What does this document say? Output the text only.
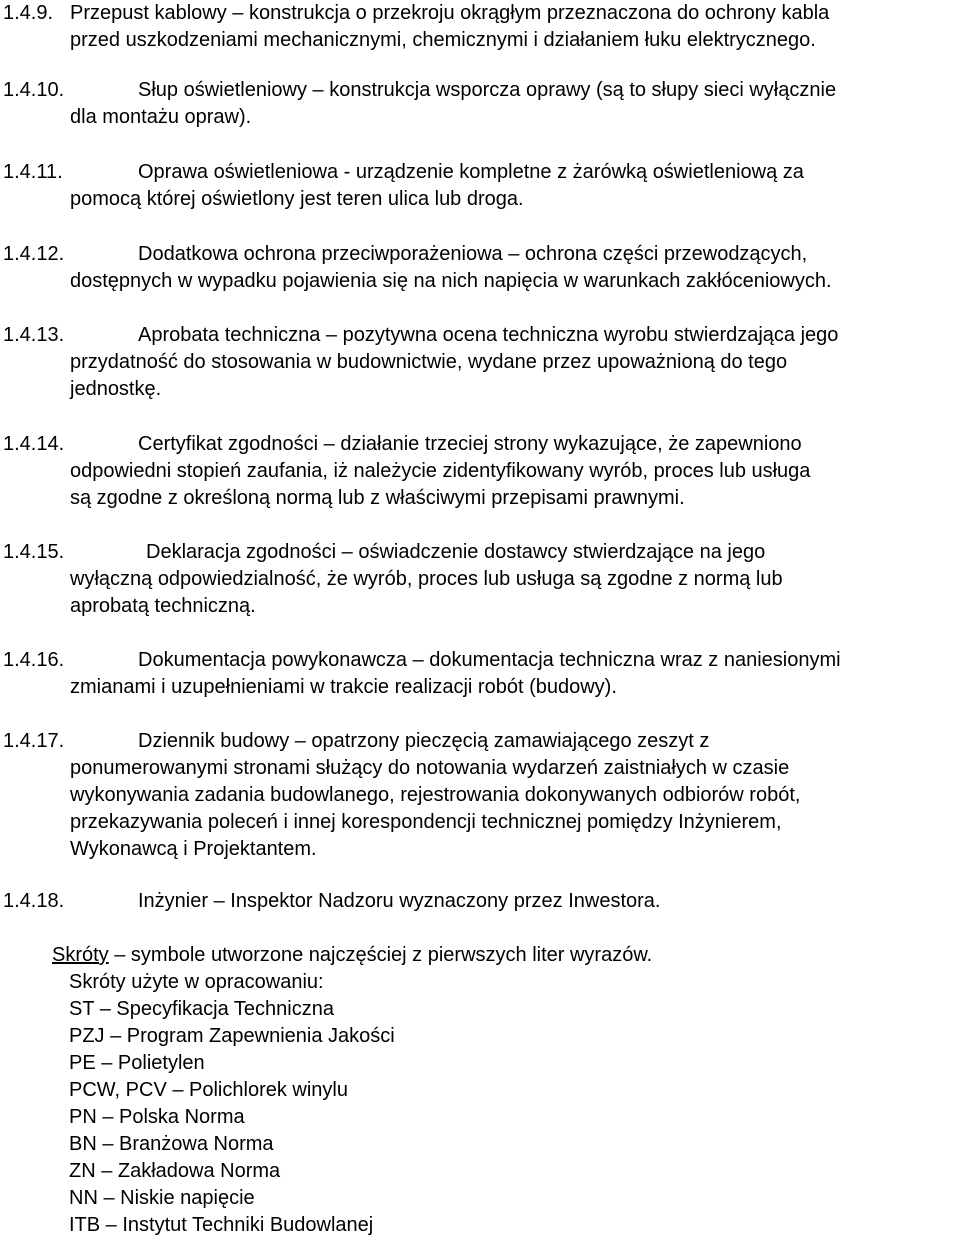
1.4.9. Przepust kablowy – konstrukcja o przekroju okrągłym przeznaczona do ochrony kabla
przed uszkodzeniami mechanicznymi, chemicznymi i działaniem łuku elektrycznego.
1.4.10.	Słup oświetleniowy – konstrukcja wsporcza oprawy (są to słupy sieci wyłącznie
dla montażu opraw).
1.4.11.	Oprawa oświetleniowa - urządzenie kompletne z żarówką oświetleniową za
pomocą której oświetlony jest teren ulica lub droga.
1.4.12.	Dodatkowa ochrona przeciwporażeniowa – ochrona części przewodzących,
dostępnych w wypadku pojawienia się na nich napięcia w warunkach zakłóceniowych.
1.4.13.	Aprobata techniczna – pozytywna ocena techniczna wyrobu stwierdzająca jego
przydatność do stosowania w budownictwie, wydane przez upoważnioną do tego
jednostkę.
1.4.14.	Certyfikat zgodności – działanie trzeciej strony wykazujące, że zapewniono
odpowiedni stopień zaufania, iż należycie zidentyfikowany wyrób, proces lub usługa
są zgodne z określoną normą lub z właściwymi przepisami prawnymi.
1.4.15.	Deklaracja zgodności – oświadczenie dostawcy stwierdzające na jego
wyłączną odpowiedzialność, że wyrób, proces lub usługa są zgodne z normą lub
aprobatą techniczną.
1.4.16.	Dokumentacja powykonawcza – dokumentacja techniczna wraz z naniesionymi
zmianami i uzupełnieniami w trakcie realizacji robót (budowy).
1.4.17.	Dziennik budowy – opatrzony pieczęcią zamawiającego zeszyt z
ponumerowanymi stronami służący do notowania wydarzeń zaistniałych w czasie
wykonywania zadania budowlanego, rejestrowania dokonywanych odbiorów robót,
przekazywania poleceń i innej korespondencji technicznej pomiędzy Inżynierem,
Wykonawcą i Projektantem.
1.4.18.	Inżynier – Inspektor Nadzoru wyznaczony przez Inwestora.
Skróty – symbole utworzone najczęściej z pierwszych liter wyrazów.
Skróty użyte w opracowaniu:
ST – Specyfikacja Techniczna
PZJ – Program Zapewnienia Jakości
PE – Polietylen
PCW, PCV – Polichlorek winylu
PN – Polska Norma
BN – Branżowa Norma
ZN – Zakładowa Norma
NN – Niskie napięcie
ITB – Instytut Techniki Budowlanej
